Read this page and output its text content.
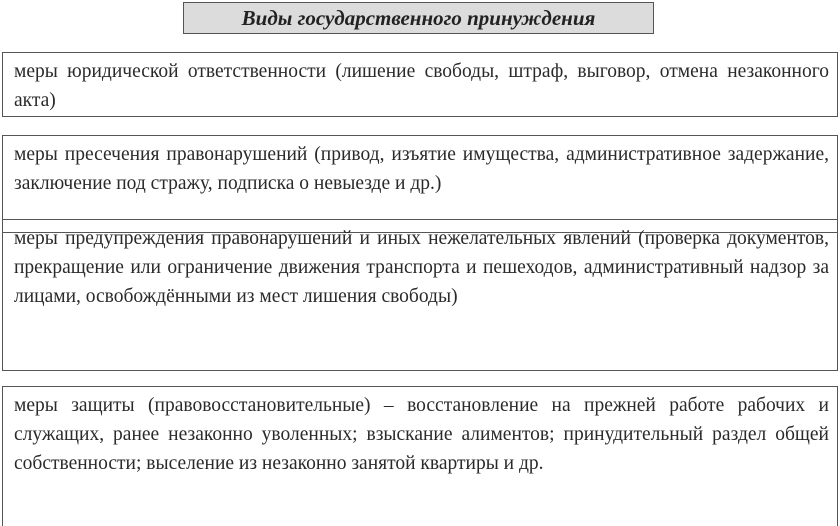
Виды государственного принуждения
меры юридической ответственности (лишение свободы, штраф, выговор, отмена незаконного акта)
меры пресечения правонарушений (привод, изъятие имущества, административное задержание, заключение под стражу, подписка о невыезде и др.)
меры предупреждения правонарушений и иных нежелательных явлений (проверка документов, прекращение или ограничение движения транспорта и пешеходов, административный надзор за лицами, освобождёнными из мест лишения свободы)
меры защиты (правовосстановительные) – восстановление на прежней работе рабочих и служащих, ранее незаконно уволенных; взыскание алиментов; принудительный раздел общей собственности; выселение из незаконно занятой квартиры и др.
